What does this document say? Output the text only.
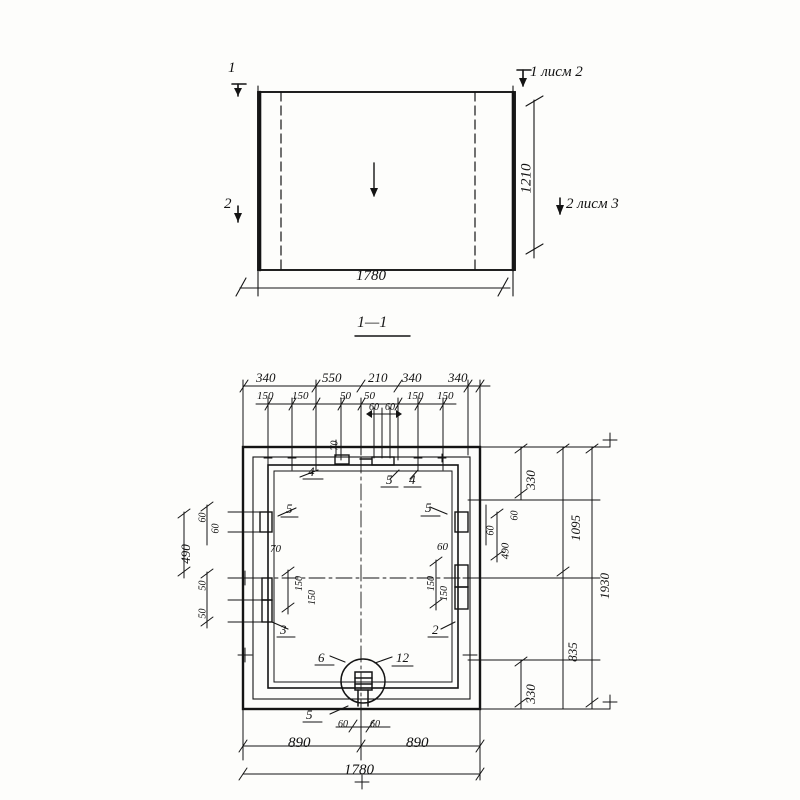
1
2
1 лисм 2
2 лисм 3
1780
1210
1—1
340	550 210 340 340
150 150	50 50	150 150
60 60
70
4
5 4
5	5
3	2
6	12
5
70
150
150
60
150
150
490
60
60
50
50
330
1095
1930
835
330
490
60
60
60 60
890	890
1780
